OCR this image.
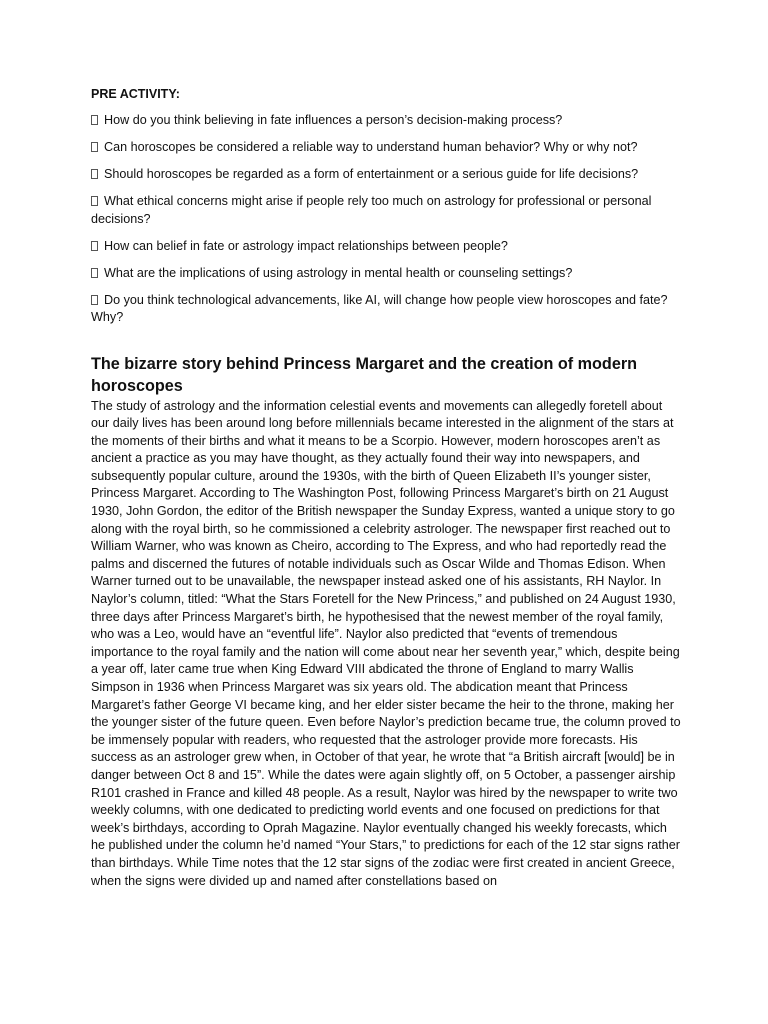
PRE ACTIVITY:
How do you think believing in fate influences a person’s decision-making process?
Can horoscopes be considered a reliable way to understand human behavior? Why or why not?
Should horoscopes be regarded as a form of entertainment or a serious guide for life decisions?
What ethical concerns might arise if people rely too much on astrology for professional or personal decisions?
How can belief in fate or astrology impact relationships between people?
What are the implications of using astrology in mental health or counseling settings?
Do you think technological advancements, like AI, will change how people view horoscopes and fate? Why?
The bizarre story behind Princess Margaret and the creation of modern horoscopes

The study of astrology and the information celestial events and movements can allegedly foretell about our daily lives has been around long before millennials became interested in the alignment of the stars at the moments of their births and what it means to be a Scorpio. However, modern horoscopes aren’t as ancient a practice as you may have thought, as they actually found their way into newspapers, and subsequently popular culture, around the 1930s, with the birth of Queen Elizabeth II’s younger sister, Princess Margaret. According to The Washington Post, following Princess Margaret’s birth on 21 August 1930, John Gordon, the editor of the British newspaper the Sunday Express, wanted a unique story to go along with the royal birth, so he commissioned a celebrity astrologer. The newspaper first reached out to William Warner, who was known as Cheiro, according to The Express, and who had reportedly read the palms and discerned the futures of notable individuals such as Oscar Wilde and Thomas Edison. When Warner turned out to be unavailable, the newspaper instead asked one of his assistants, RH Naylor. In Naylor’s column, titled: “What the Stars Foretell for the New Princess,” and published on 24 August 1930, three days after Princess Margaret’s birth, he hypothesised that the newest member of the royal family, who was a Leo, would have an “eventful life”. Naylor also predicted that “events of tremendous importance to the royal family and the nation will come about near her seventh year,” which, despite being a year off, later came true when King Edward VIII abdicated the throne of England to marry Wallis Simpson in 1936 when Princess Margaret was six years old. The abdication meant that Princess Margaret’s father George VI became king, and her elder sister became the heir to the throne, making her the younger sister of the future queen. Even before Naylor’s prediction became true, the column proved to be immensely popular with readers, who requested that the astrologer provide more forecasts. His success as an astrologer grew when, in October of that year, he wrote that “a British aircraft [would] be in danger between Oct 8 and 15”. While the dates were again slightly off, on 5 October, a passenger airship R101 crashed in France and killed 48 people. As a result, Naylor was hired by the newspaper to write two weekly columns, with one dedicated to predicting world events and one focused on predictions for that week’s birthdays, according to Oprah Magazine. Naylor eventually changed his weekly forecasts, which he published under the column he’d named “Your Stars,” to predictions for each of the 12 star signs rather than birthdays. While Time notes that the 12 star signs of the zodiac were first created in ancient Greece, when the signs were divided up and named after constellations based on
